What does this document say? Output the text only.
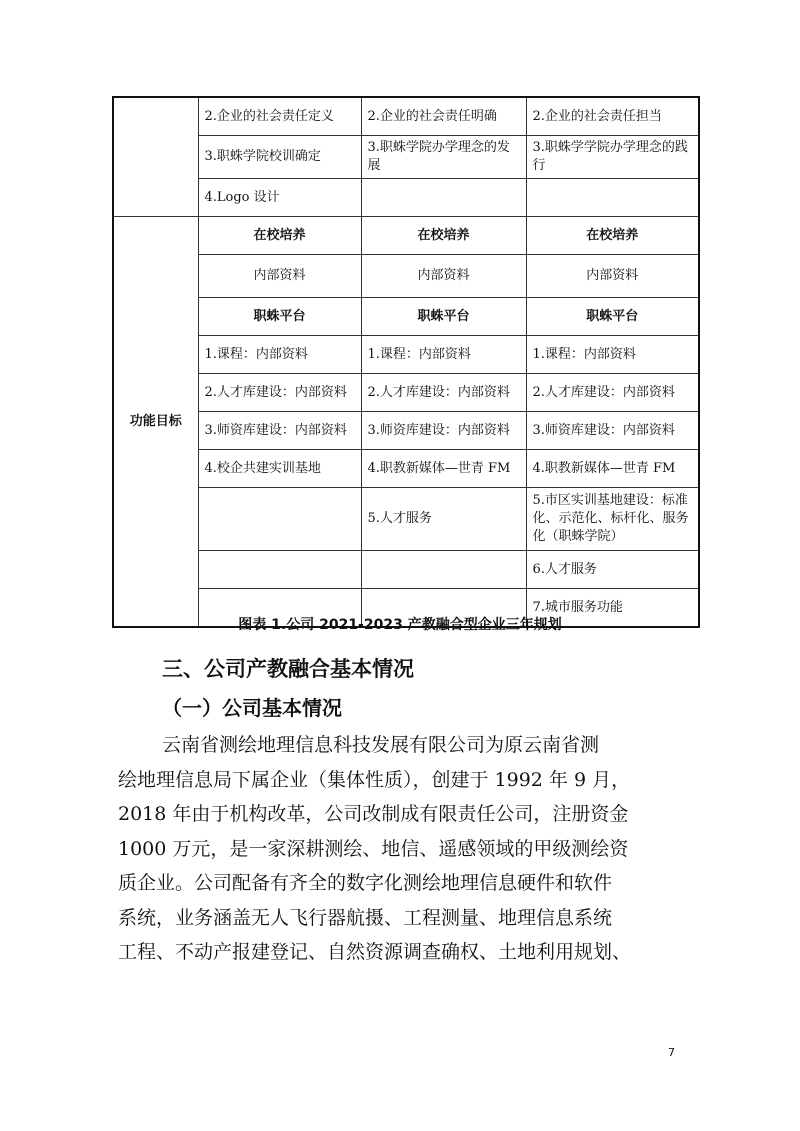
	2.企业的社会责任定义	2.企业的社会责任明确	2.企业的社会责任担当
	3.职蛛学院校训确定	3.职蛛学院办学理念的发展	3.职蛛学学院办学理念的践行
	4.Logo 设计		
功能目标	在校培养	在校培养	在校培养
	内部资料	内部资料	内部资料
	职蛛平台	职蛛平台	职蛛平台
	1.课程：内部资料	1.课程：内部资料	1.课程：内部资料
	2.人才库建设：内部资料	2.人才库建设：内部资料	2.人才库建设：内部资料
	3.师资库建设：内部资料	3.师资库建设：内部资料	3.师资库建设：内部资料
	4.校企共建实训基地	4.职教新媒体—世青 FM	4.职教新媒体—世青 FM
		5.人才服务	5.市区实训基地建设：标准化、示范化、标杆化、服务化（职蛛学院）
			6.人才服务
			7.城市服务功能
图表 1.公司 2021-2023 产教融合型企业三年规划
三、公司产教融合基本情况
（一）公司基本情况
云南省测绘地理信息科技发展有限公司为原云南省测
绘地理信息局下属企业（集体性质），创建于 1992 年 9 月，
2018 年由于机构改革，公司改制成有限责任公司，注册资金
1000 万元，是一家深耕测绘、地信、遥感领域的甲级测绘资
质企业。公司配备有齐全的数字化测绘地理信息硬件和软件
系统，业务涵盖无人飞行器航摄、工程测量、地理信息系统
工程、不动产报建登记、自然资源调查确权、土地利用规划、
7
